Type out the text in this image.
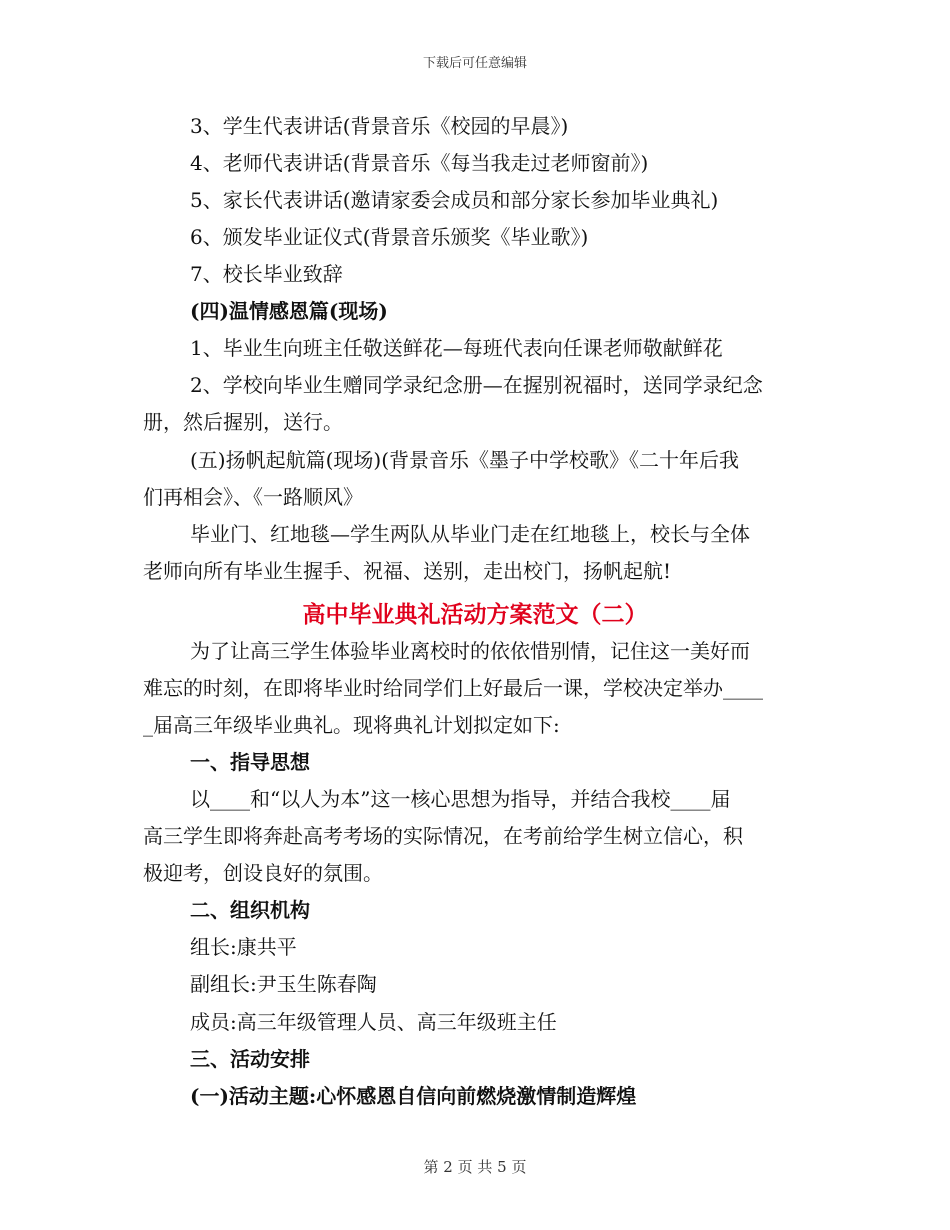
下载后可任意编辑
3、学生代表讲话(背景音乐《校园的早晨》)
4、老师代表讲话(背景音乐《每当我走过老师窗前》)
5、家长代表讲话(邀请家委会成员和部分家长参加毕业典礼)
6、颁发毕业证仪式(背景音乐颁奖《毕业歌》)
7、校长毕业致辞
(四)温情感恩篇(现场)
1、毕业生向班主任敬送鲜花—每班代表向任课老师敬献鲜花
2、学校向毕业生赠同学录纪念册—在握别祝福时，送同学录纪念
册，然后握别，送行。
(五)扬帆起航篇(现场)(背景音乐《墨子中学校歌》《二十年后我
们再相会》、《一路顺风》
毕业门、红地毯—学生两队从毕业门走在红地毯上，校长与全体
老师向所有毕业生握手、祝福、送别，走出校门，扬帆起航!
高中毕业典礼活动方案范文（二）
为了让高三学生体验毕业离校时的依依惜别情，记住这一美好而
难忘的时刻，在即将毕业时给同学们上好最后一课，学校决定举办____
_届高三年级毕业典礼。现将典礼计划拟定如下:
一、指导思想
以____和“以人为本”这一核心思想为指导，并结合我校____届
高三学生即将奔赴高考考场的实际情况，在考前给学生树立信心，积
极迎考，创设良好的氛围。
二、组织机构
组长:康共平
副组长:尹玉生陈春陶
成员:高三年级管理人员、高三年级班主任
三、活动安排
(一)活动主题:心怀感恩自信向前燃烧激情制造辉煌
第 2 页 共 5 页
